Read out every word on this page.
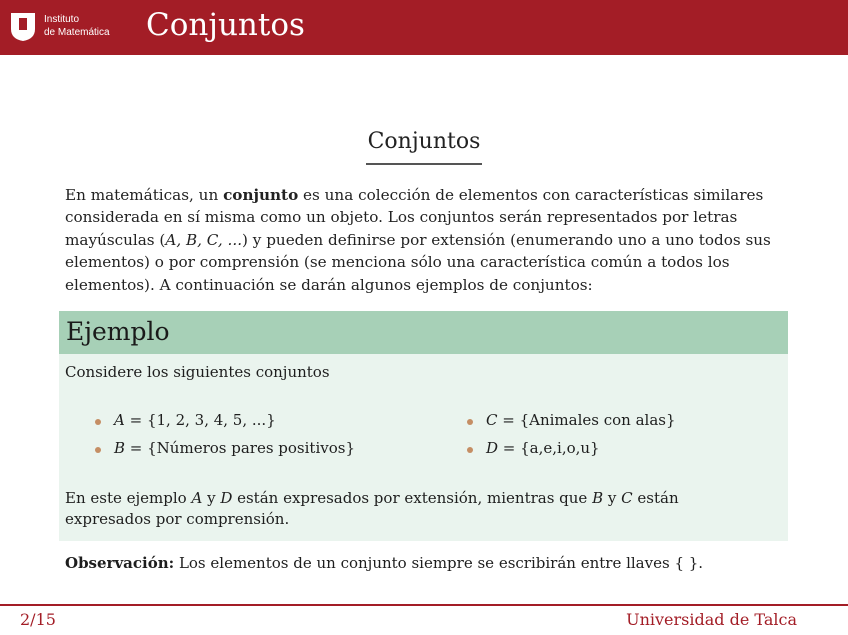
Instituto
de Matemática Conjuntos
Conjuntos
En matemáticas, un conjunto es una colección de elementos con características similares considerada en sí misma como un objeto. Los conjuntos serán representados por letras mayúsculas (A, B, C, ...) y pueden definirse por extensión (enumerando uno a uno todos sus elementos) o por comprensión (se menciona sólo una característica común a todos los elementos). A continuación se darán algunos ejemplos de conjuntos:
Ejemplo
Considere los siguientes conjuntos
A = {1, 2, 3, 4, 5, ...}
B = {Números pares positivos}
C = {Animales con alas}
D = {a,e,i,o,u}
En este ejemplo A y D están expresados por extensión, mientras que B y C están expresados por comprensión.
Observación: Los elementos de un conjunto siempre se escribirán entre llaves { }.
2/15	Universidad de Talca
